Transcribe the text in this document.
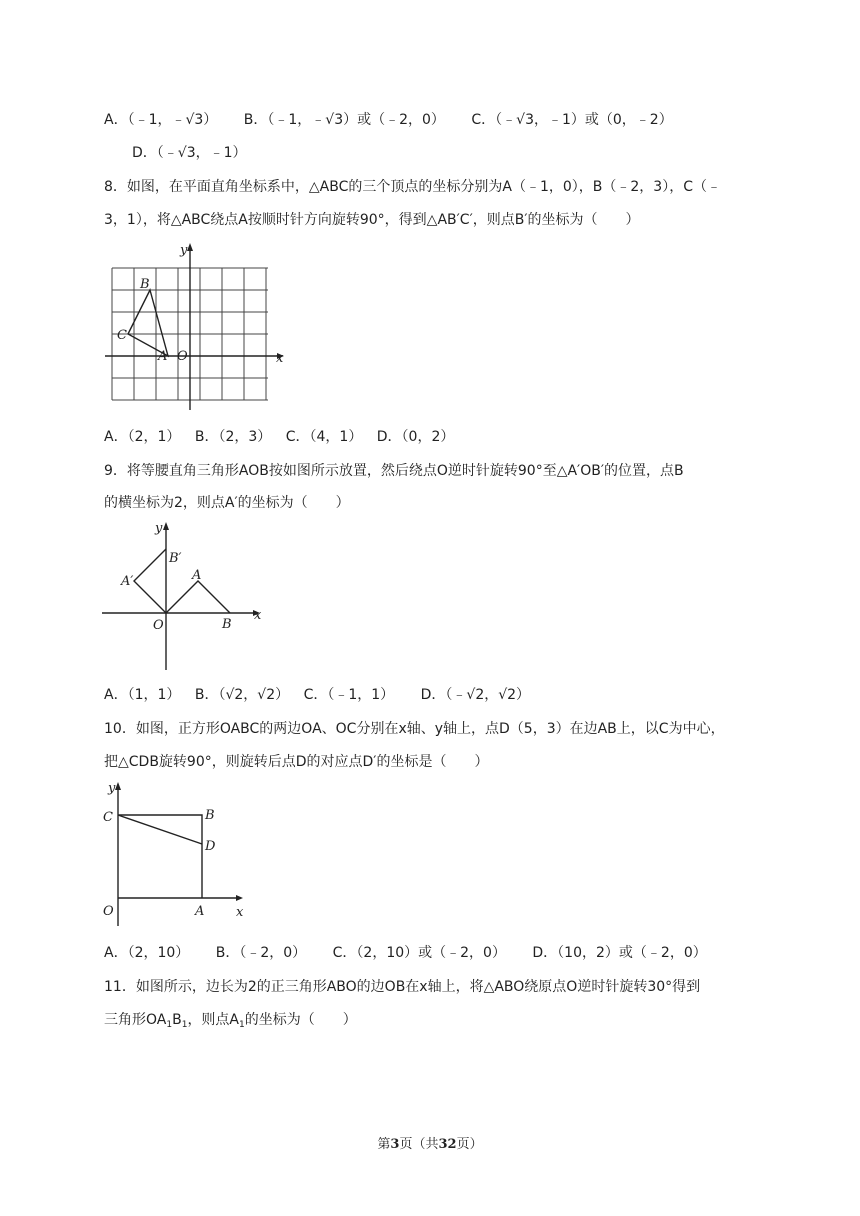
A．（﹣1，﹣√3） B．（﹣1，﹣√3）或（﹣2，0） C．（﹣√3，﹣1）或（0，﹣2）
D．（﹣√3，﹣1）
8．如图，在平面直角坐标系中，△ABC的三个顶点的坐标分别为A（﹣1，0），B（﹣2，3），C（﹣
3，1），将△ABC绕点A按顺时针方向旋转90°，得到△AB′C′，则点B′的坐标为（　　）
y
x
B
C
A O
A．（2，1） B．（2，3） C．（4，1） D．（0，2）
9．将等腰直角三角形AOB按如图所示放置，然后绕点O逆时针旋转90°至△A′OB′的位置，点B
的横坐标为2，则点A′的坐标为（　　）
y
x
B′
A′	A
O	B
A．（1，1） B．（√2，√2） C．（﹣1，1） D．（﹣√2，√2）
10．如图，正方形OABC的两边OA、OC分别在x轴、y轴上，点D（5，3）在边AB上，以C为中心，
把△CDB旋转90°，则旋转后点D的对应点D′的坐标是（　　）
y
x
C	B
D
O	A
A．（2，10） B．（﹣2，0） C．（2，10）或（﹣2，0） D．（10，2）或（﹣2，0）
11．如图所示，边长为2的正三角形ABO的边OB在x轴上，将△ABO绕原点O逆时针旋转30°得到
三角形$OA_1B_1$，则点$A_1$的坐标为（　　）
第3页（共32页）
